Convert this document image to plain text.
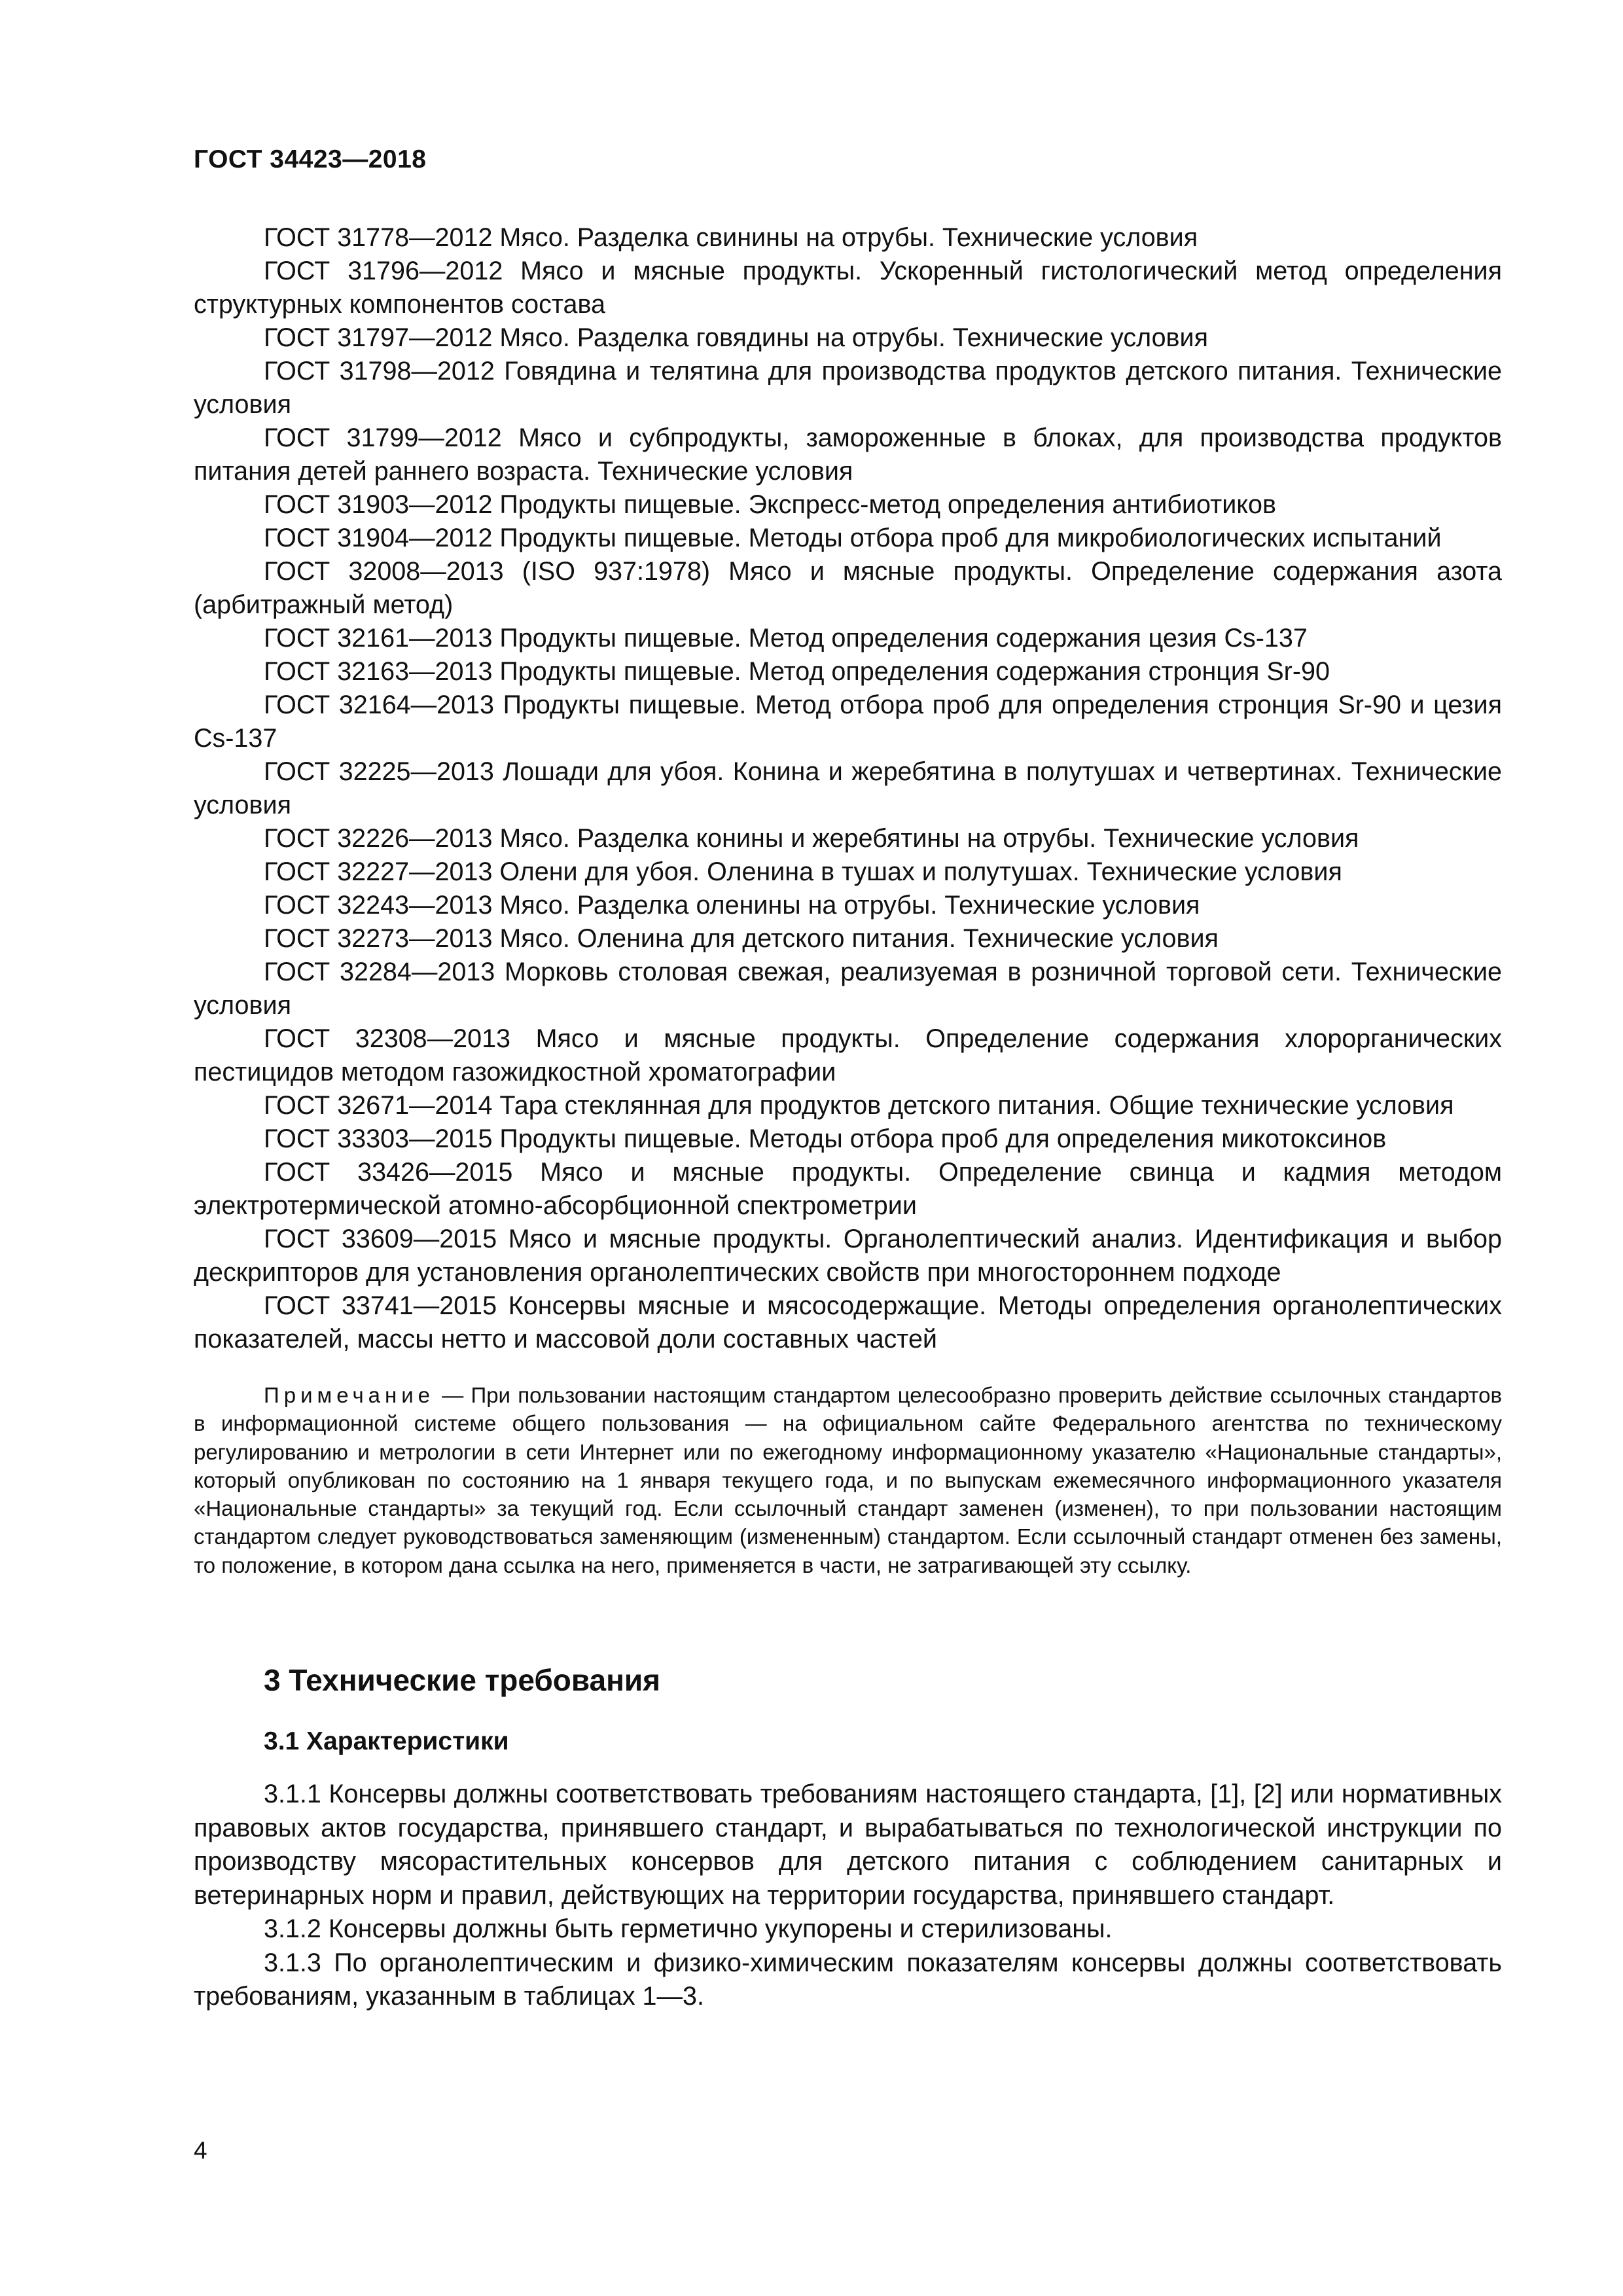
ГОСТ 34423—2018

ГОСТ 31778—2012 Мясо. Разделка свинины на отрубы. Технические условия

ГОСТ 31796—2012 Мясо и мясные продукты. Ускоренный гистологический метод определения структурных компонентов состава

ГОСТ 31797—2012 Мясо. Разделка говядины на отрубы. Технические условия

ГОСТ 31798—2012 Говядина и телятина для производства продуктов детского питания. Технические условия

ГОСТ 31799—2012 Мясо и субпродукты, замороженные в блоках, для производства продуктов питания детей раннего возраста. Технические условия

ГОСТ 31903—2012 Продукты пищевые. Экспресс-метод определения антибиотиков

ГОСТ 31904—2012 Продукты пищевые. Методы отбора проб для микробиологических испытаний

ГОСТ 32008—2013 (ISO 937:1978) Мясо и мясные продукты. Определение содержания азота (арбитражный метод)

ГОСТ 32161—2013 Продукты пищевые. Метод определения содержания цезия Cs-137

ГОСТ 32163—2013 Продукты пищевые. Метод определения содержания стронция Sr-90

ГОСТ 32164—2013 Продукты пищевые. Метод отбора проб для определения стронция Sr-90 и цезия Cs-137

ГОСТ 32225—2013 Лошади для убоя. Конина и жеребятина в полутушах и четвертинах. Технические условия

ГОСТ 32226—2013 Мясо. Разделка конины и жеребятины на отрубы. Технические условия

ГОСТ 32227—2013 Олени для убоя. Оленина в тушах и полутушах. Технические условия

ГОСТ 32243—2013 Мясо. Разделка оленины на отрубы. Технические условия

ГОСТ 32273—2013 Мясо. Оленина для детского питания. Технические условия

ГОСТ 32284—2013 Морковь столовая свежая, реализуемая в розничной торговой сети. Технические условия

ГОСТ 32308—2013 Мясо и мясные продукты. Определение содержания хлорорганических пестицидов методом газожидкостной хроматографии

ГОСТ 32671—2014 Тара стеклянная для продуктов детского питания. Общие технические условия

ГОСТ 33303—2015 Продукты пищевые. Методы отбора проб для определения микотоксинов

ГОСТ 33426—2015 Мясо и мясные продукты. Определение свинца и кадмия методом электротермической атомно-абсорбционной спектрометрии

ГОСТ 33609—2015 Мясо и мясные продукты. Органолептический анализ. Идентификация и выбор дескрипторов для установления органолептических свойств при многостороннем подходе

ГОСТ 33741—2015 Консервы мясные и мясосодержащие. Методы определения органолептических показателей, массы нетто и массовой доли составных частей

Примечание — При пользовании настоящим стандартом целесообразно проверить действие ссылочных стандартов в информационной системе общего пользования — на официальном сайте Федерального агентства по техническому регулированию и метрологии в сети Интернет или по ежегодному информационному указателю «Национальные стандарты», который опубликован по состоянию на 1 января текущего года, и по выпускам ежемесячного информационного указателя «Национальные стандарты» за текущий год. Если ссылочный стандарт заменен (изменен), то при пользовании настоящим стандартом следует руководствоваться заменяющим (измененным) стандартом. Если ссылочный стандарт отменен без замены, то положение, в котором дана ссылка на него, применяется в части, не затрагивающей эту ссылку.

3 Технические требования
3.1 Характеристики

3.1.1 Консервы должны соответствовать требованиям настоящего стандарта, [1], [2] или нормативных правовых актов государства, принявшего стандарт, и вырабатываться по технологической инструкции по производству мясорастительных консервов для детского питания с соблюдением санитарных и ветеринарных норм и правил, действующих на территории государства, принявшего стандарт.

3.1.2 Консервы должны быть герметично укупорены и стерилизованы.

3.1.3 По органолептическим и физико-химическим показателям консервы должны соответствовать требованиям, указанным в таблицах 1—3.

4
